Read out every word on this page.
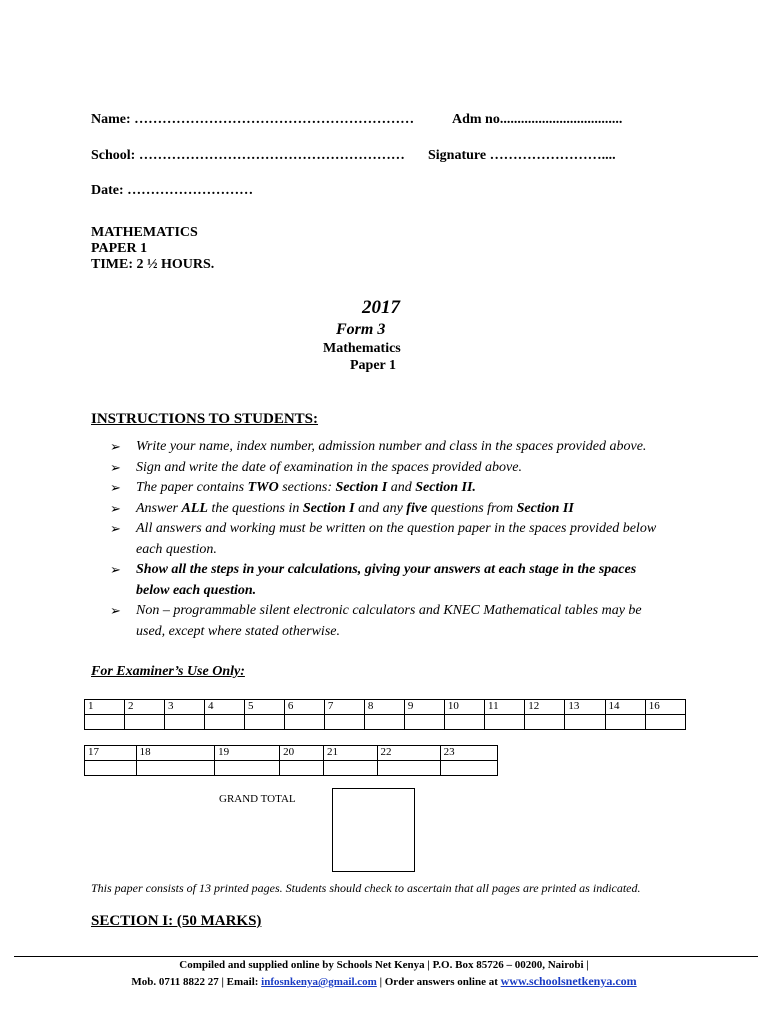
Name: ……………………………………………………	Adm no...................................
School: ………………………………………………… Signature ……………………....
Date: ………………………
MATHEMATICS
PAPER 1
TIME: 2 ½ HOURS.
2017
Form 3
Mathematics
Paper 1
INSTRUCTIONS TO STUDENTS:
➢ Write your name, index number, admission number and class in the spaces provided above.
➢ Sign and write the date of examination in the spaces provided above.
➢ The paper contains TWO sections: Section I and Section II.
➢ Answer ALL the questions in Section I and any five questions from Section II
➢ All answers and working must be written on the question paper in the spaces provided below each question.
➢ Show all the steps in your calculations, giving your answers at each stage in the spaces below each question.
➢ Non – programmable silent electronic calculators and KNEC Mathematical tables may be used, except where stated otherwise.
For Examiner’s Use Only:
1	2	3	4	5	6	7	8	9	10	11	12	13	14	16

17	18	19	20	21	22	23

GRAND TOTAL
This paper consists of 13 printed pages. Students should check to ascertain that all pages are printed as indicated.
SECTION I: (50 MARKS)
Compiled and supplied online by Schools Net Kenya | P.O. Box 85726 – 00200, Nairobi |
Mob. 0711 8822 27 | Email: infosnkenya@gmail.com | Order answers online at www.schoolsnetkenya.com
